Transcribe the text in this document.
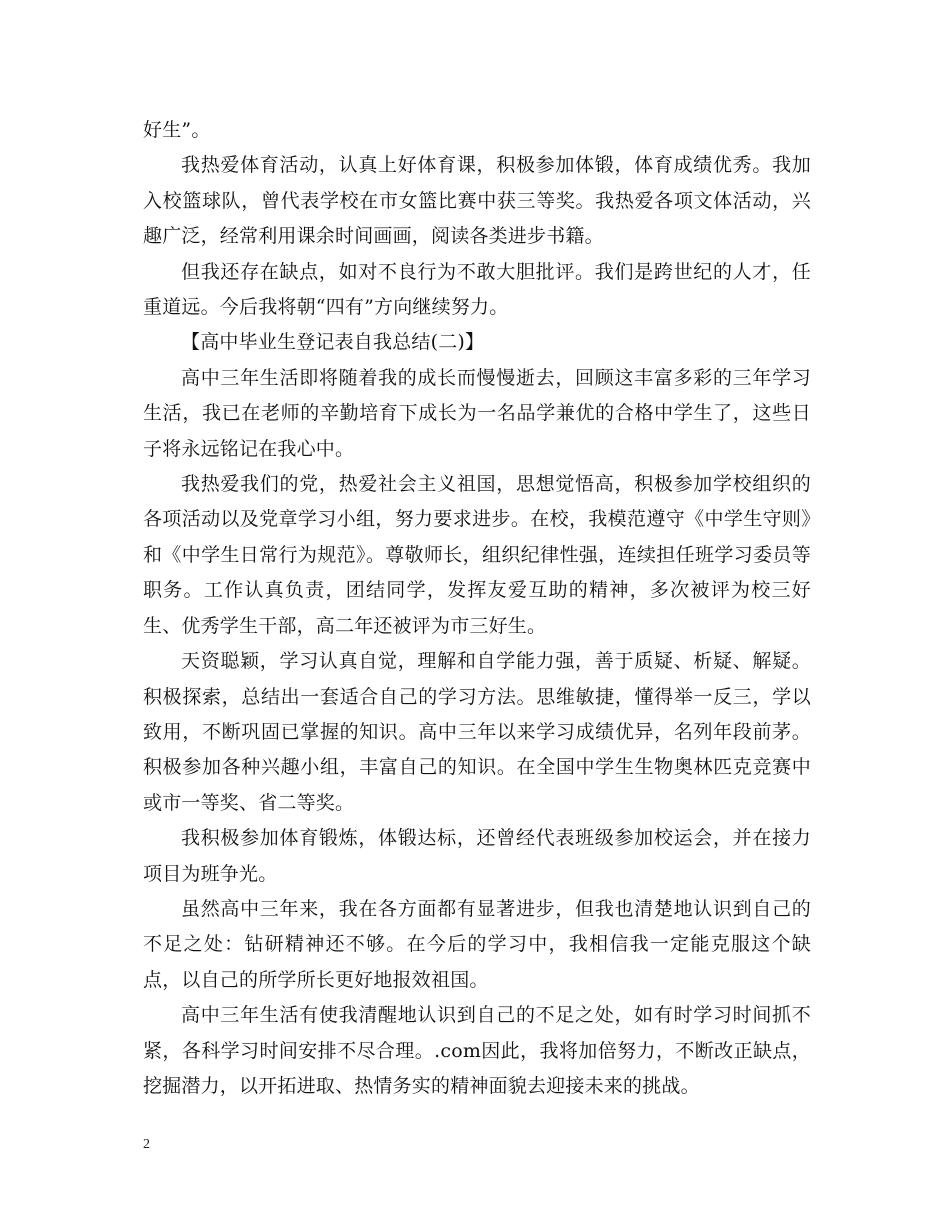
好生”。

我热爱体育活动，认真上好体育课，积极参加体锻，体育成绩优秀。我加入校篮球队，曾代表学校在市女篮比赛中获三等奖。我热爱各项文体活动，兴趣广泛，经常利用课余时间画画，阅读各类进步书籍。

但我还存在缺点，如对不良行为不敢大胆批评。我们是跨世纪的人才，任重道远。今后我将朝“四有”方向继续努力。

【高中毕业生登记表自我总结(二)】

高中三年生活即将随着我的成长而慢慢逝去，回顾这丰富多彩的三年学习生活，我已在老师的辛勤培育下成长为一名品学兼优的合格中学生了，这些日子将永远铭记在我心中。

我热爱我们的党，热爱社会主义祖国，思想觉悟高，积极参加学校组织的各项活动以及党章学习小组，努力要求进步。在校，我模范遵守《中学生守则》和《中学生日常行为规范》。尊敬师长，组织纪律性强，连续担任班学习委员等职务。工作认真负责，团结同学，发挥友爱互助的精神，多次被评为校三好生、优秀学生干部，高二年还被评为市三好生。

天资聪颖，学习认真自觉，理解和自学能力强，善于质疑、析疑、解疑。积极探索，总结出一套适合自己的学习方法。思维敏捷，懂得举一反三，学以致用，不断巩固已掌握的知识。高中三年以来学习成绩优异，名列年段前茅。积极参加各种兴趣小组，丰富自己的知识。在全国中学生生物奥林匹克竞赛中或市一等奖、省二等奖。

我积极参加体育锻炼，体锻达标，还曾经代表班级参加校运会，并在接力项目为班争光。

虽然高中三年来，我在各方面都有显著进步，但我也清楚地认识到自己的不足之处：钻研精神还不够。在今后的学习中，我相信我一定能克服这个缺点，以自己的所学所长更好地报效祖国。

高中三年生活有使我清醒地认识到自己的不足之处，如有时学习时间抓不紧，各科学习时间安排不尽合理。.com因此，我将加倍努力，不断改正缺点，挖掘潜力，以开拓进取、热情务实的精神面貌去迎接未来的挑战。

2
